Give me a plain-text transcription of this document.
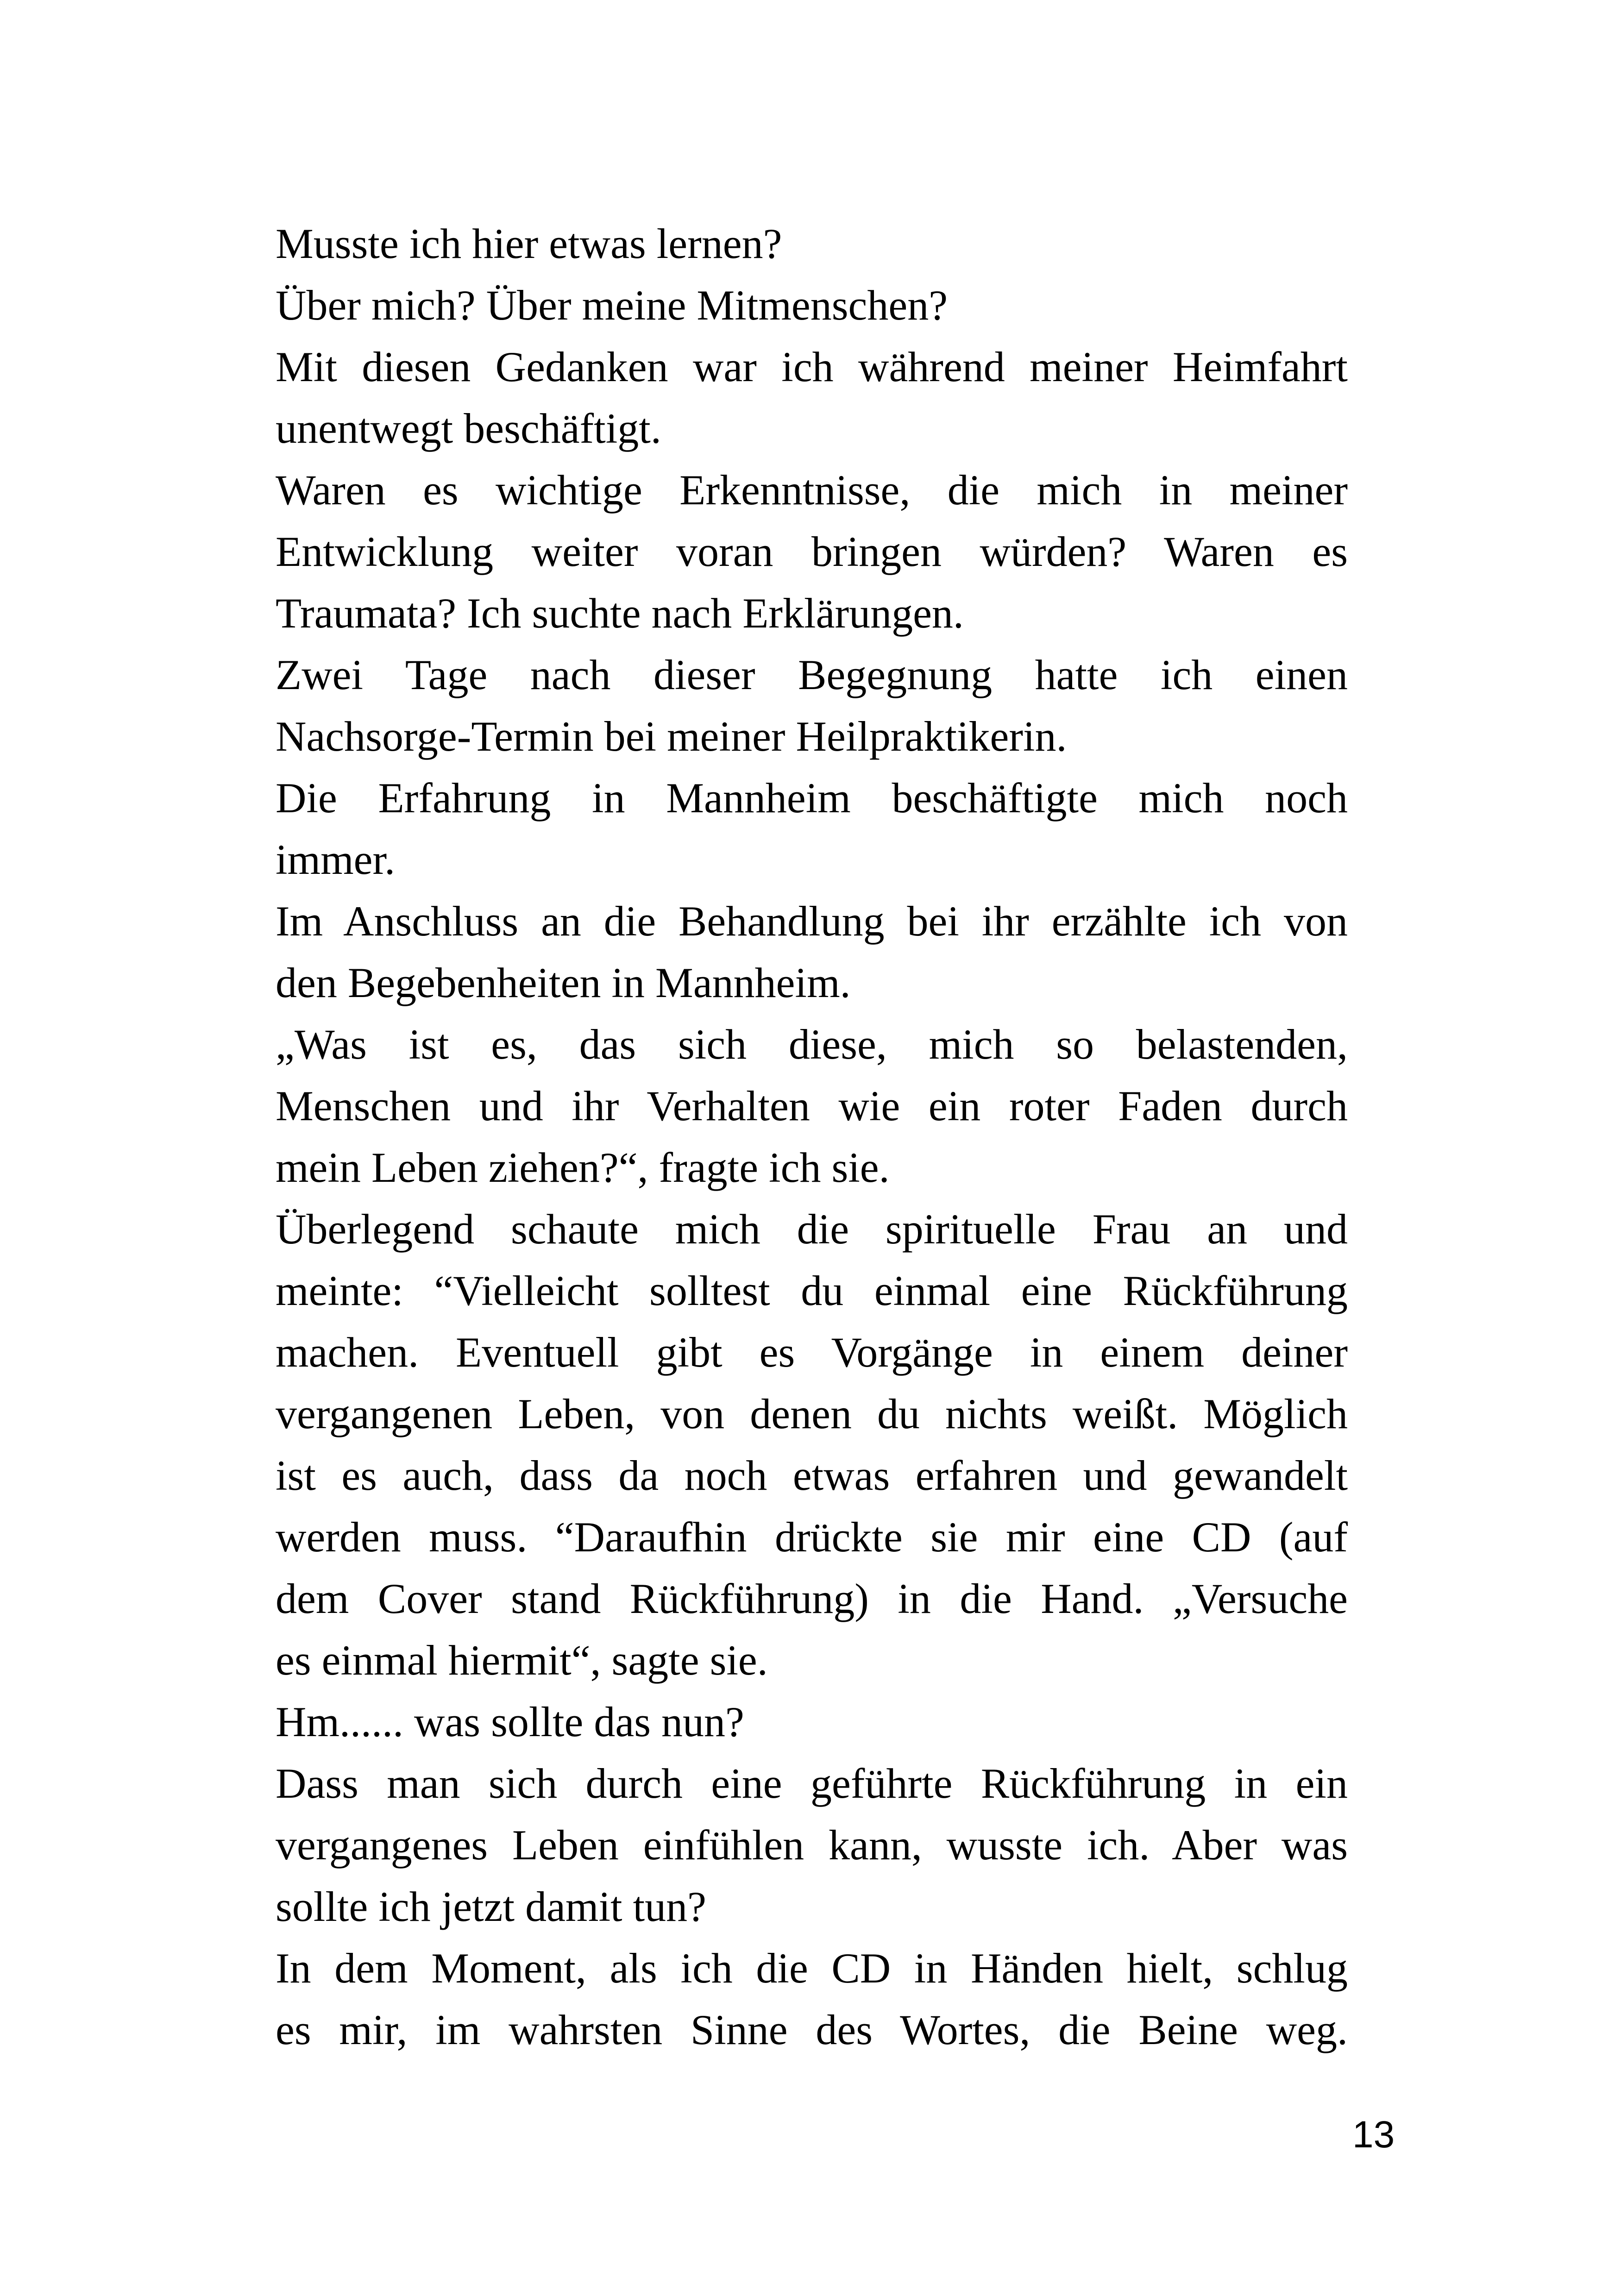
Musste ich hier etwas lernen?
Über mich? Über meine Mitmenschen?
Mit diesen Gedanken war ich während meiner Heimfahrt
unentwegt beschäftigt.
Waren es wichtige Erkenntnisse, die mich in meiner
Entwicklung weiter voran bringen würden? Waren es
Traumata? Ich suchte nach Erklärungen.
Zwei Tage nach dieser Begegnung hatte ich einen
Nachsorge-Termin bei meiner Heilpraktikerin.
Die Erfahrung in Mannheim beschäftigte mich noch
immer.
Im Anschluss an die Behandlung bei ihr erzählte ich von
den Begebenheiten in Mannheim.
„Was ist es, das sich diese, mich so belastenden,
Menschen und ihr Verhalten wie ein roter Faden durch
mein Leben ziehen?“, fragte ich sie.
Überlegend schaute mich die spirituelle Frau an und
meinte: “Vielleicht solltest du einmal eine Rückführung
machen. Eventuell gibt es Vorgänge in einem deiner
vergangenen Leben, von denen du nichts weißt. Möglich
ist es auch, dass da noch etwas erfahren und gewandelt
werden muss. “Daraufhin drückte sie mir eine CD (auf
dem Cover stand Rückführung) in die Hand. „Versuche
es einmal hiermit“, sagte sie.
Hm...... was sollte das nun?
Dass man sich durch eine geführte Rückführung in ein
vergangenes Leben einfühlen kann, wusste ich. Aber was
sollte ich jetzt damit tun?
In dem Moment, als ich die CD in Händen hielt, schlug
es mir, im wahrsten Sinne des Wortes, die Beine weg.
13
